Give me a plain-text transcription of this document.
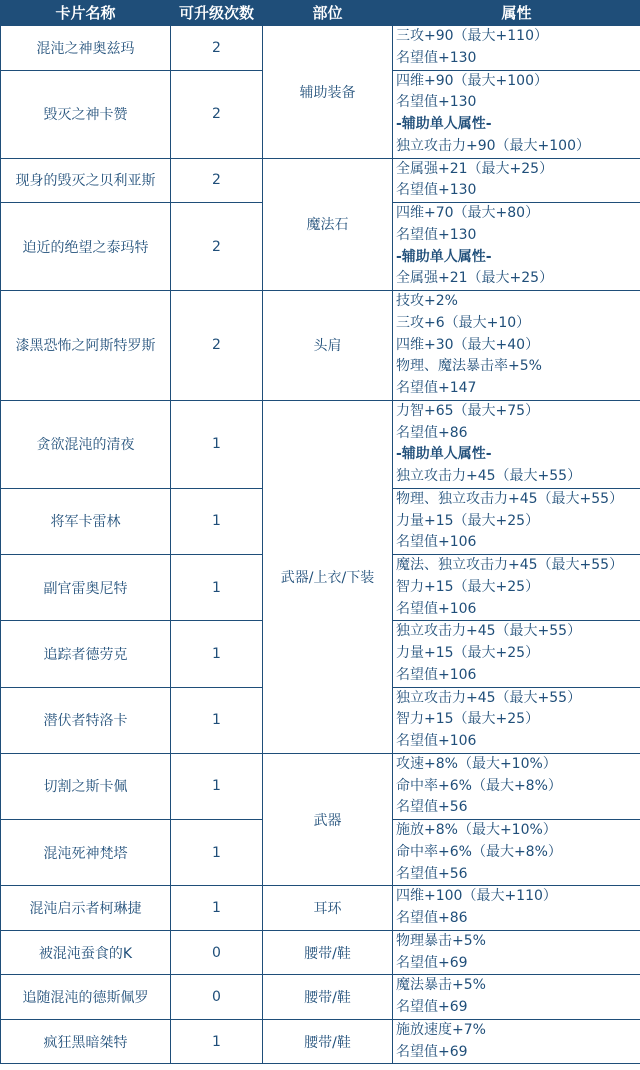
卡片名称	可升级次数	部位	属性
混沌之神奥兹玛	2	辅助装备	三攻+90（最大+110）
名望值+130

毁灭之神卡赞	2		四维+90（最大+100）
名望值+130
-辅助单人属性-
独立攻击力+90（最大+100）

现身的毁灭之贝利亚斯	2	魔法石	全属强+21（最大+25）
名望值+130

迫近的绝望之泰玛特	2		四维+70（最大+80）
名望值+130
-辅助单人属性-
全属强+21（最大+25）

漆黑恐怖之阿斯特罗斯	2	头肩	技攻+2%
三攻+6（最大+10）
四维+30（最大+40）
物理、魔法暴击率+5%
名望值+147

贪欲混沌的清夜	1	武器/上衣/下装	力智+65（最大+75）
名望值+86
-辅助单人属性-
独立攻击力+45（最大+55）

将军卡雷林	1		物理、独立攻击力+45（最大+55）
力量+15（最大+25）
名望值+106

副官雷奥尼特	1		魔法、独立攻击力+45（最大+55）
智力+15（最大+25）
名望值+106

追踪者德劳克	1		独立攻击力+45（最大+55）
力量+15（最大+25）
名望值+106

潜伏者特洛卡	1		独立攻击力+45（最大+55）
智力+15（最大+25）
名望值+106

切割之斯卡佩	1	武器	攻速+8%（最大+10%）
命中率+6%（最大+8%）
名望值+56

混沌死神梵塔	1		施放+8%（最大+10%）
命中率+6%（最大+8%）
名望值+56

混沌启示者柯琳捷	1	耳环	四维+100（最大+110）
名望值+86

被混沌蚕食的K	0	腰带/鞋	物理暴击+5%
名望值+69

追随混沌的德斯佩罗	0	腰带/鞋	魔法暴击+5%
名望值+69

疯狂黑暗桀特	1	腰带/鞋	施放速度+7%
名望值+69
